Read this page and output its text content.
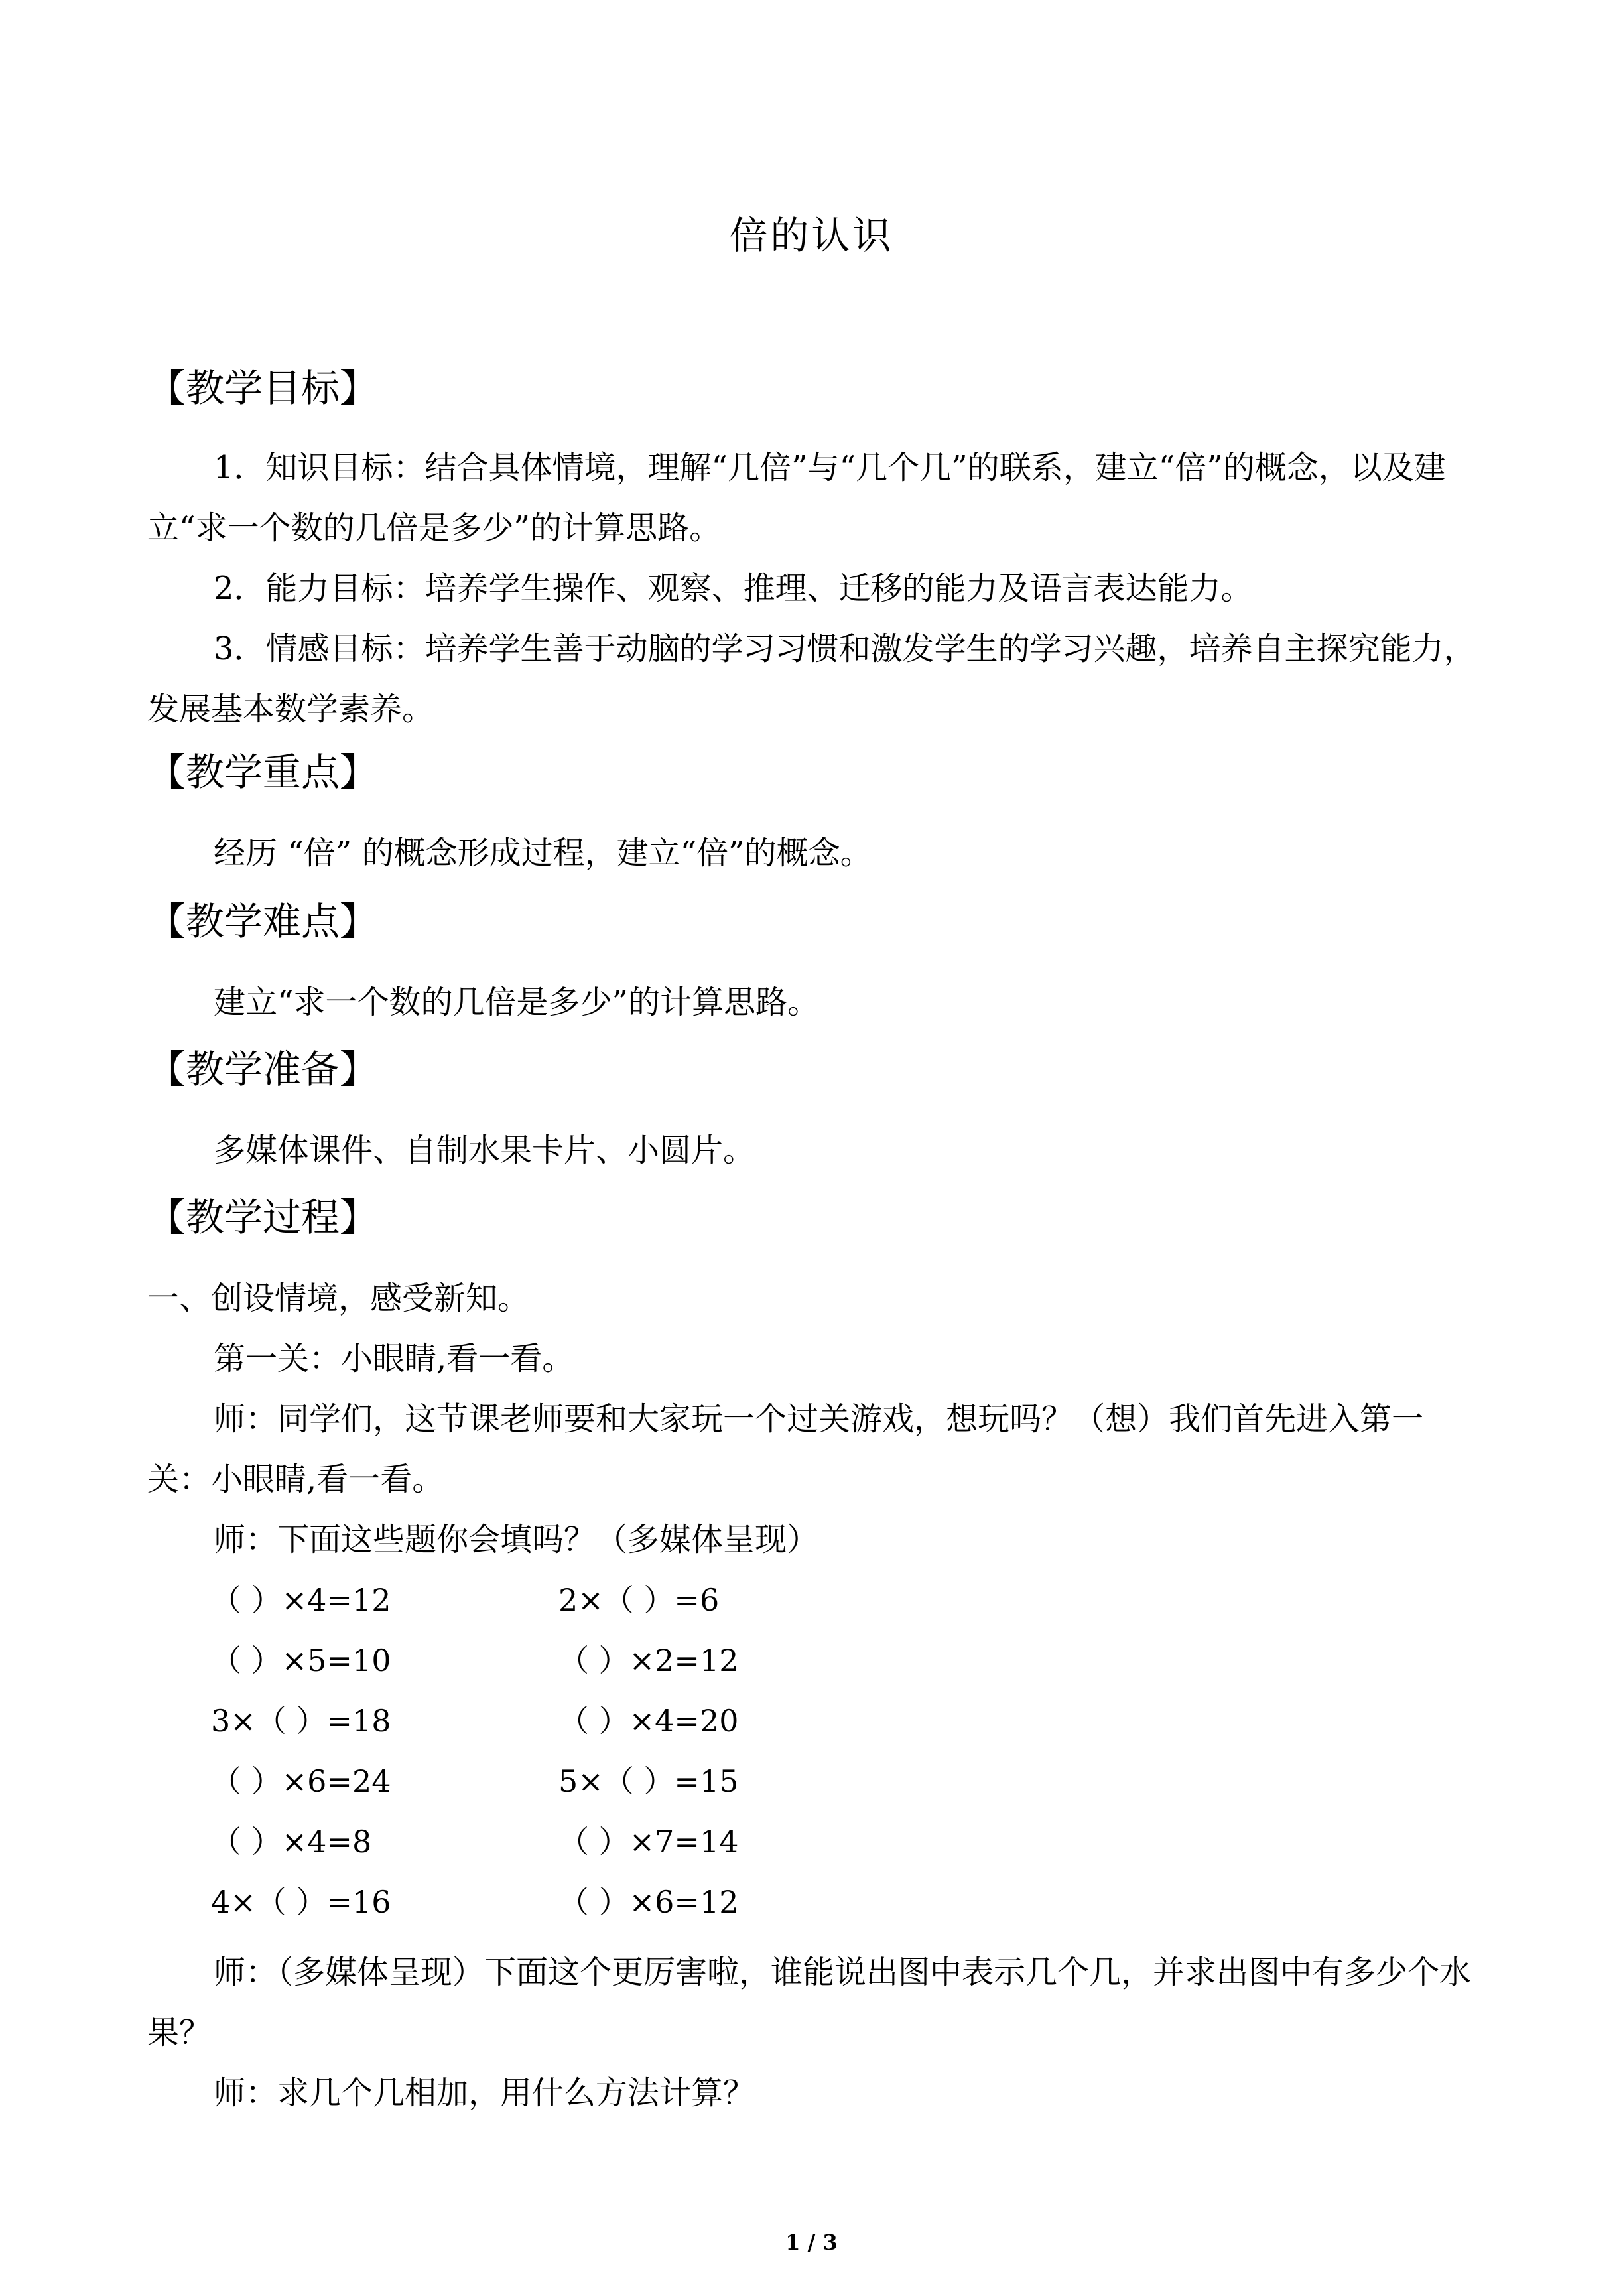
倍的认识
【教学目标】

1．知识目标：结合具体情境，理解“几倍”与“几个几”的联系，建立“倍”的概念，以及建立“求一个数的几倍是多少”的计算思路。

2．能力目标：培养学生操作、观察、推理、迁移的能力及语言表达能力。

3．情感目标：培养学生善于动脑的学习习惯和激发学生的学习兴趣，培养自主探究能力，发展基本数学素养。

【教学重点】

经历 “倍” 的概念形成过程，建立“倍”的概念。

【教学难点】

建立“求一个数的几倍是多少”的计算思路。

【教学准备】

多媒体课件、自制水果卡片、小圆片。

【教学过程】

一、创设情境，感受新知。

第一关：小眼睛,看一看。

师：同学们，这节课老师要和大家玩一个过关游戏，想玩吗？（想）我们首先进入第一关：小眼睛,看一看。

师：下面这些题你会填吗？（多媒体呈现）

（ ）×4=12	2×（ ）=6
（ ）×5=10	（ ）×2=12
3×（ ）=18	（ ）×4=20
（ ）×6=24	5×（ ）=15
（ ）×4=8	（ ）×7=14
4×（ ）=16	（ ）×6=12

师：（多媒体呈现）下面这个更厉害啦，谁能说出图中表示几个几，并求出图中有多少个水果？

师：求几个几相加，用什么方法计算？

1 / 3
